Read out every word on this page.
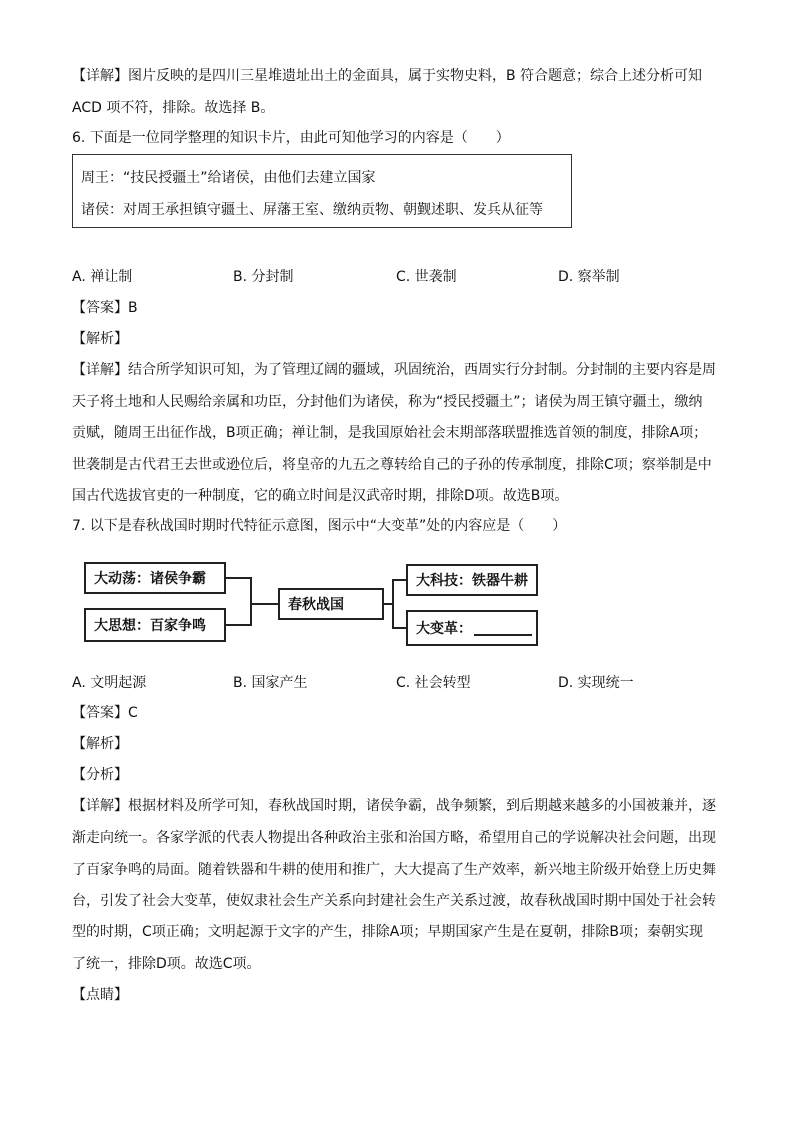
【详解】图片反映的是四川三星堆遗址出土的金面具，属于实物史料，B 符合题意；综合上述分析可知
ACD 项不符，排除。故选择 B。
6. 下面是一位同学整理的知识卡片，由此可知他学习的内容是（　　）
周王：“技民授疆土”给诸侯，由他们去建立国家
诸侯：对周王承担镇守疆土、屏藩王室、缴纳贡物、朝觐述职、发兵从征等
A. 禅让制	B. 分封制	C. 世袭制	D. 察举制
【答案】B
【解析】
【详解】结合所学知识可知，为了管理辽阔的疆域，巩固统治，西周实行分封制。分封制的主要内容是周
天子将土地和人民赐给亲属和功臣，分封他们为诸侯，称为“授民授疆土”；诸侯为周王镇守疆土，缴纳
贡赋，随周王出征作战，B项正确；禅让制，是我国原始社会末期部落联盟推选首领的制度，排除A项；
世袭制是古代君王去世或逊位后，将皇帝的九五之尊转给自己的子孙的传承制度，排除C项；察举制是中
国古代选拔官吏的一种制度，它的确立时间是汉武帝时期，排除D项。故选B项。
7. 以下是春秋战国时期时代特征示意图，图示中“大变革”处的内容应是（　　）
大动荡：诸侯争霸
大思想：百家争鸣
春秋战国
大科技：铁器牛耕
大变革：
A. 文明起源	B. 国家产生	C. 社会转型	D. 实现统一
【答案】C
【解析】
【分析】
【详解】根据材料及所学可知，春秋战国时期，诸侯争霸，战争频繁，到后期越来越多的小国被兼并，逐
渐走向统一。各家学派的代表人物提出各种政治主张和治国方略，希望用自己的学说解决社会问题，出现
了百家争鸣的局面。随着铁器和牛耕的使用和推广，大大提高了生产效率，新兴地主阶级开始登上历史舞
台，引发了社会大变革，使奴隶社会生产关系向封建社会生产关系过渡，故春秋战国时期中国处于社会转
型的时期，C项正确；文明起源于文字的产生，排除A项；早期国家产生是在夏朝，排除B项；秦朝实现
了统一，排除D项。故选C项。
【点睛】
